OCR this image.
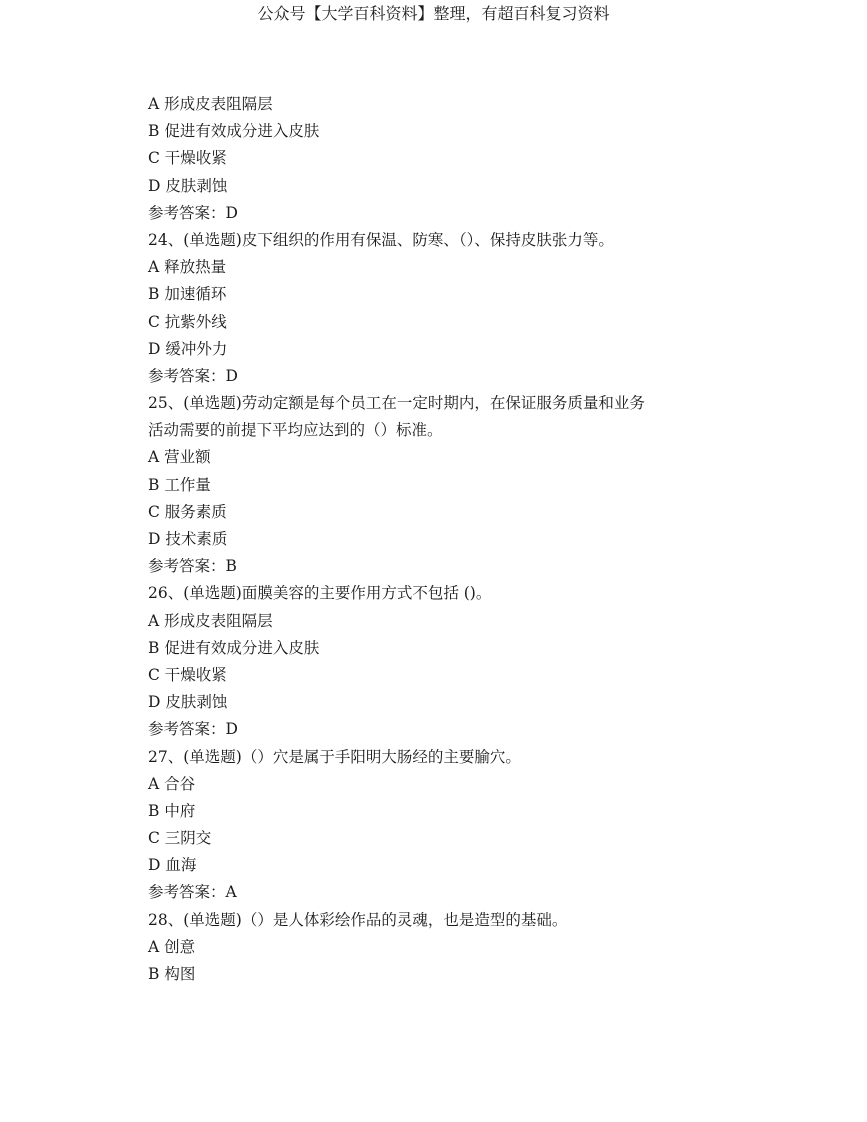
公众号【大学百科资料】整理，有超百科复习资料
A 形成皮表阻隔层
B 促进有效成分进入皮肤
C 干燥收紧
D 皮肤剥蚀
参考答案：D
24、(单选题)皮下组织的作用有保温、防寒、（）、保持皮肤张力等。
A 释放热量
B 加速循环
C 抗紫外线
D 缓冲外力
参考答案：D
25、(单选题)劳动定额是每个员工在一定时期内，在保证服务质量和业务
活动需要的前提下平均应达到的（）标准。
A 营业额
B 工作量
C 服务素质
D 技术素质
参考答案：B
26、(单选题)面膜美容的主要作用方式不包括 ()。
A 形成皮表阻隔层
B 促进有效成分进入皮肤
C 干燥收紧
D 皮肤剥蚀
参考答案：D
27、(单选题)（）穴是属于手阳明大肠经的主要腧穴。
A 合谷
B 中府
C 三阴交
D 血海
参考答案：A
28、(单选题)（）是人体彩绘作品的灵魂，也是造型的基础。
A 创意
B 构图
